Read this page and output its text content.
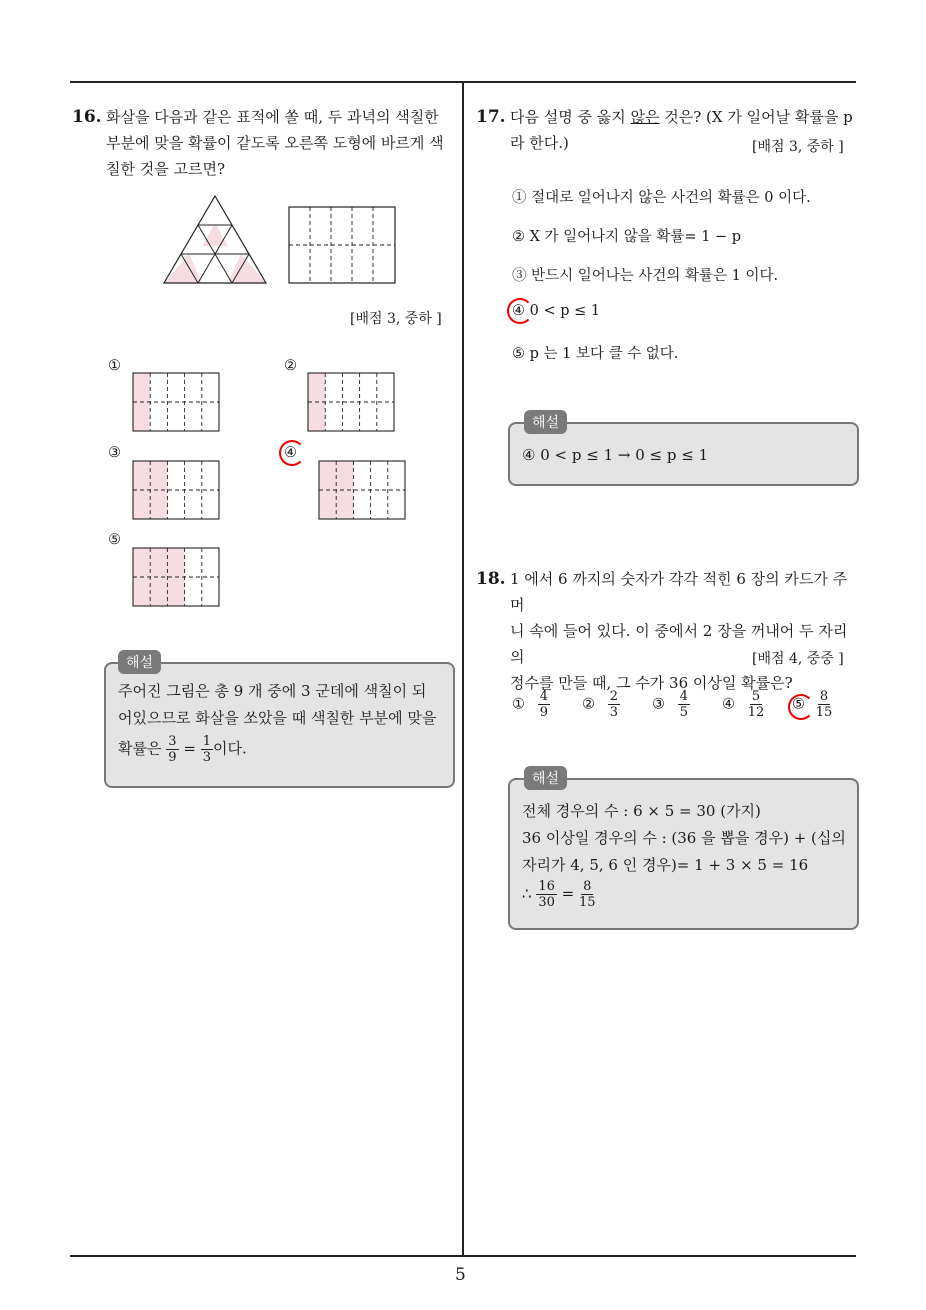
5
16. 화살을 다음과 같은 표적에 쏠 때, 두 과녁의 색칠한
부분에 맞을 확률이 같도록 오른쪽 도형에 바르게 색
칠한 것을 고르면?
[배점 3, 중하 ]
①	②
③	④
⑤
주어진 그림은 총 9 개 중에 3 군데에 색칠이 되
어있으므로 화살을 쏘았을 때 색칠한 부분에 맞을
확률은 $\frac{3}{9} = \frac{1}{3}$ 이다.
해설
17. 다음 설명 중 옳지 않은 것은? (X 가 일어날 확률을 p
라 한다.)	[배점 3, 중하 ]
① 절대로 일어나지 않은 사건의 확률은 0 이다.
② X 가 일어나지 않을 확률= 1 − p
③ 반드시 일어나는 사건의 확률은 1 이다.
④ 0 < p ≤ 1
⑤ p 는 1 보다 클 수 없다.
④ 0 < p ≤ 1 → 0 ≤ p ≤ 1
해설
18. 1 에서 6 까지의 숫자가 각각 적힌 6 장의 카드가 주머
니 속에 들어 있다. 이 중에서 2 장을 꺼내어 두 자리의
정수를 만들 때, 그 수가 36 이상일 확률은?
[배점 4, 중중 ]
① $\frac{4}{9}$ ② $\frac{2}{3}$ ③ $\frac{4}{5}$ ④ $\frac{5}{12}$ ⑤ $\frac{8}{15}$
전체 경우의 수 : 6 × 5 = 30 (가지)
36 이상일 경우의 수 : (36 을 뽑을 경우) + (십의
자리가 4, 5, 6 인 경우)= 1 + 3 × 5 = 16
∴ $\frac{16}{30} = \frac{8}{15}$
해설
